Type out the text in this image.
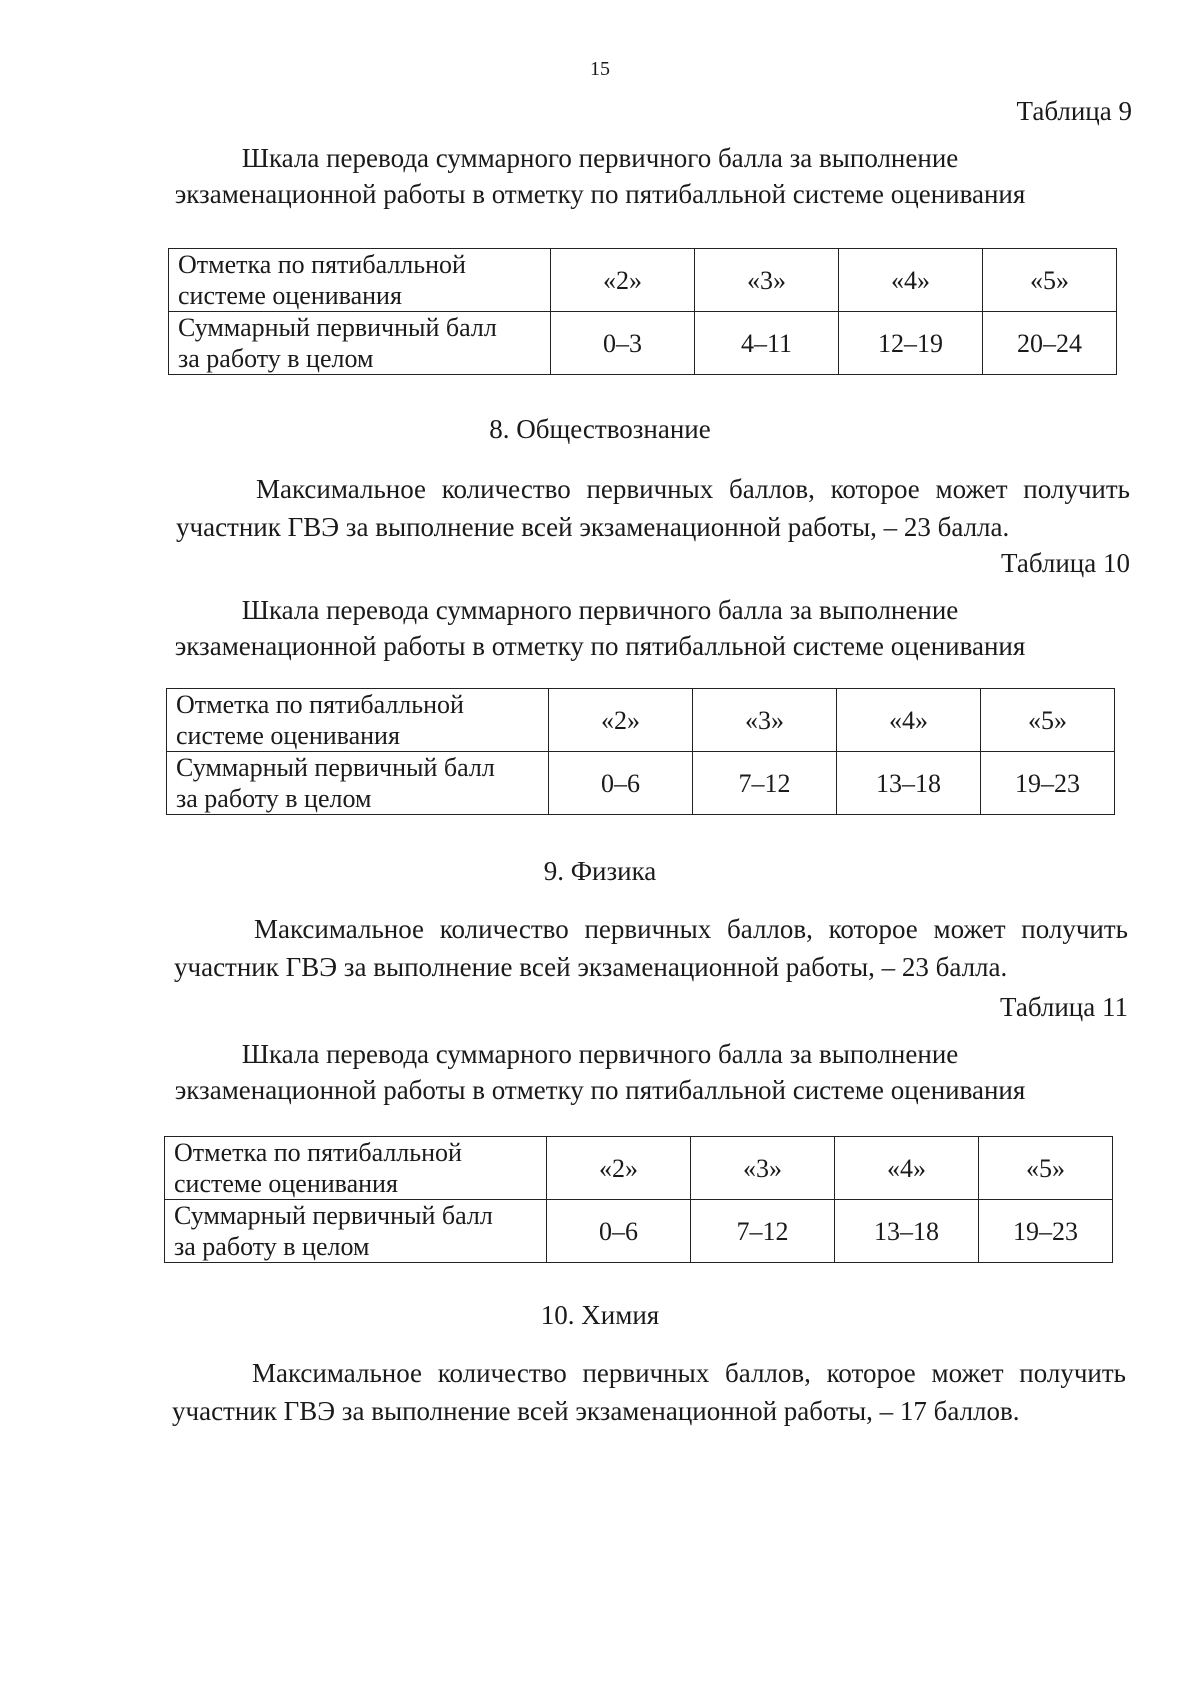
15
Таблица 9
Шкала перевода суммарного первичного балла за выполнение
экзаменационной работы в отметку по пятибалльной системе оценивания
Отметка по пятибалльной
системе оценивания	«2»	«3»	«4»	«5»

Суммарный первичный балл
за работу в целом	0–3	4–11	12–19	20–24
8. Обществознание
Максимальное количество первичных баллов, которое может получить
участник ГВЭ за выполнение всей экзаменационной работы, – 23 балла.
Таблица 10
Шкала перевода суммарного первичного балла за выполнение
экзаменационной работы в отметку по пятибалльной системе оценивания
Отметка по пятибалльной
системе оценивания	«2»	«3»	«4»	«5»

Суммарный первичный балл
за работу в целом	0–6	7–12	13–18	19–23
9. Физика
Максимальное количество первичных баллов, которое может получить
участник ГВЭ за выполнение всей экзаменационной работы, – 23 балла.
Таблица 11
Шкала перевода суммарного первичного балла за выполнение
экзаменационной работы в отметку по пятибалльной системе оценивания
Отметка по пятибалльной
системе оценивания	«2»	«3»	«4»	«5»

Суммарный первичный балл
за работу в целом	0–6	7–12	13–18	19–23
10. Химия
Максимальное количество первичных баллов, которое может получить
участник ГВЭ за выполнение всей экзаменационной работы, – 17 баллов.
